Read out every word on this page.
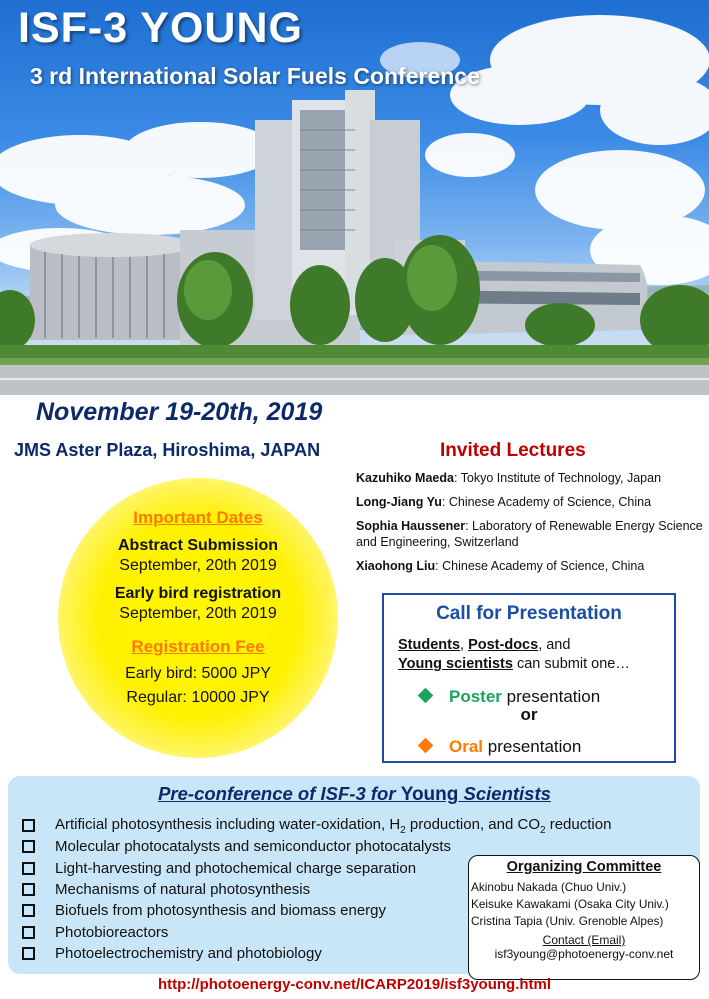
ISF-3 YOUNG
3 rd International Solar Fuels Conference
November 19-20th, 2019
JMS Aster Plaza, Hiroshima, JAPAN	Invited Lectures
Kazuhiko Maeda: Tokyo Institute of Technology, Japan
Long-Jiang Yu: Chinese Academy of Science, China
Sophia Haussener: Laboratory of Renewable Energy Science and Engineering, Switzerland
Xiaohong Liu: Chinese Academy of Science, China
Important Dates
Abstract Submission
September, 20th 2019
Early bird registration
September, 20th 2019
Registration Fee
Early bird: 5000 JPY
Regular: 10000 JPY
Call for Presentation
Students, Post-docs, and
Young scientists can submit one…
Poster presentation
or
Oral presentation
Pre-conference of ISF-3 for Young Scientists
Artificial photosynthesis including water-oxidation, $H_2$ production, and $CO_2$ reduction
Molecular photocatalysts and semiconductor photocatalysts
Light-harvesting and photochemical charge separation
Mechanisms of natural photosynthesis
Biofuels from photosynthesis and biomass energy
Photobioreactors
Photoelectrochemistry and photobiology
Organizing Committee
Akinobu Nakada (Chuo Univ.)
Keisuke Kawakami (Osaka City Univ.)
Cristina Tapia (Univ. Grenoble Alpes)
Contact (Email)
isf3young@photoenergy-conv.net
http://photoenergy-conv.net/ICARP2019/isf3young.html
